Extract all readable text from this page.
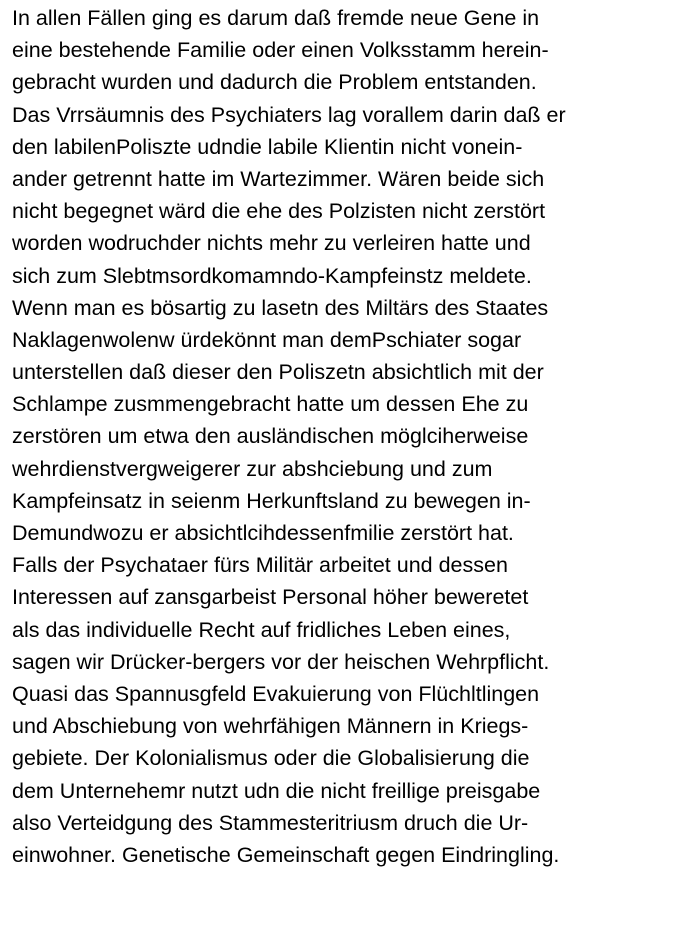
In allen Fällen ging es darum daß fremde neue Gene in
eine bestehende Familie oder einen Volksstamm herein-
gebracht wurden und dadurch die Problem entstanden.
Das Vrrsäumnis des Psychiaters lag vorallem darin daß er
den labilenPoliszte udndie labile Klientin nicht vonein-
ander getrennt hatte im Wartezimmer. Wären beide sich
nicht begegnet wärd die ehe des Polzisten nicht zerstört
worden wodruchder nichts mehr zu verleiren hatte und
sich zum Slebtmsordkomamndo-Kampfeinstz meldete.
Wenn man es bösartig zu lasetn des Miltärs des Staates
Naklagenwolenw ürdekönnt man demPschiater sogar
unterstellen daß dieser den Poliszetn absichtlich mit der
Schlampe zusmmengebracht hatte um dessen Ehe zu
zerstören um etwa den ausländischen möglciherweise
wehrdienstvergweigerer zur abshciebung und zum
Kampfeinsatz in seienm Herkunftsland zu bewegen in-
Demundwozu er absichtlcihdessenfmilie zerstört hat.
Falls der Psychataer fürs Militär arbeitet und dessen
Interessen auf zansgarbeist Personal höher beweretet
als das individuelle Recht auf fridliches Leben eines,
sagen wir Drücker-bergers vor der heischen Wehrpflicht.
Quasi das Spannusgfeld Evakuierung von Flüchltlingen
und Abschiebung von wehrfähigen Männern in Kriegs-
gebiete. Der Kolonialismus oder die Globalisierung die
dem Unternehemr nutzt udn die nicht freillige preisgabe
also Verteidgung des Stammesteritriusm druch die Ur-
einwohner. Genetische Gemeinschaft gegen Eindringling.
